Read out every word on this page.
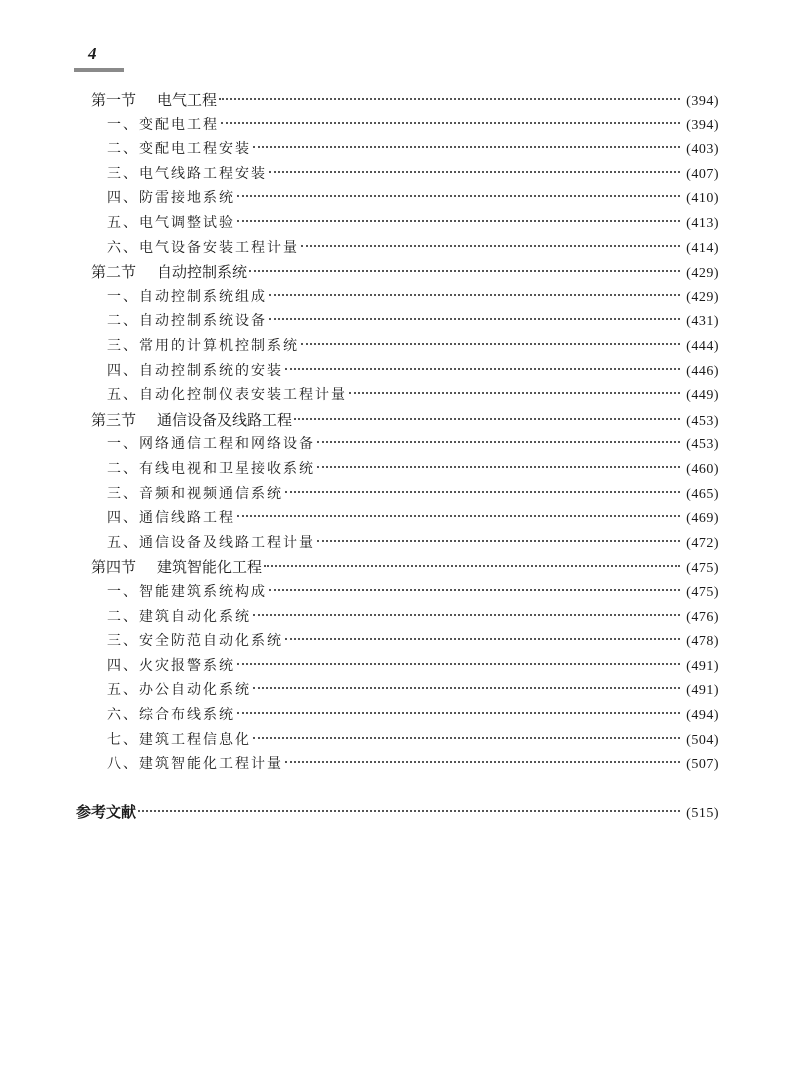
4
第一节 电气工程	(394)
一、变配电工程	(394)
二、变配电工程安装	(403)
三、电气线路工程安装	(407)
四、防雷接地系统	(410)
五、电气调整试验	(413)
六、电气设备安装工程计量	(414)
第二节 自动控制系统	(429)
一、自动控制系统组成	(429)
二、自动控制系统设备	(431)
三、常用的计算机控制系统	(444)
四、自动控制系统的安装	(446)
五、自动化控制仪表安装工程计量	(449)
第三节 通信设备及线路工程	(453)
一、网络通信工程和网络设备	(453)
二、有线电视和卫星接收系统	(460)
三、音频和视频通信系统	(465)
四、通信线路工程	(469)
五、通信设备及线路工程计量	(472)
第四节 建筑智能化工程	(475)
一、智能建筑系统构成	(475)
二、建筑自动化系统	(476)
三、安全防范自动化系统	(478)
四、火灾报警系统	(491)
五、办公自动化系统	(491)
六、综合布线系统	(494)
七、建筑工程信息化	(504)
八、建筑智能化工程计量	(507)
参考文献	(515)
